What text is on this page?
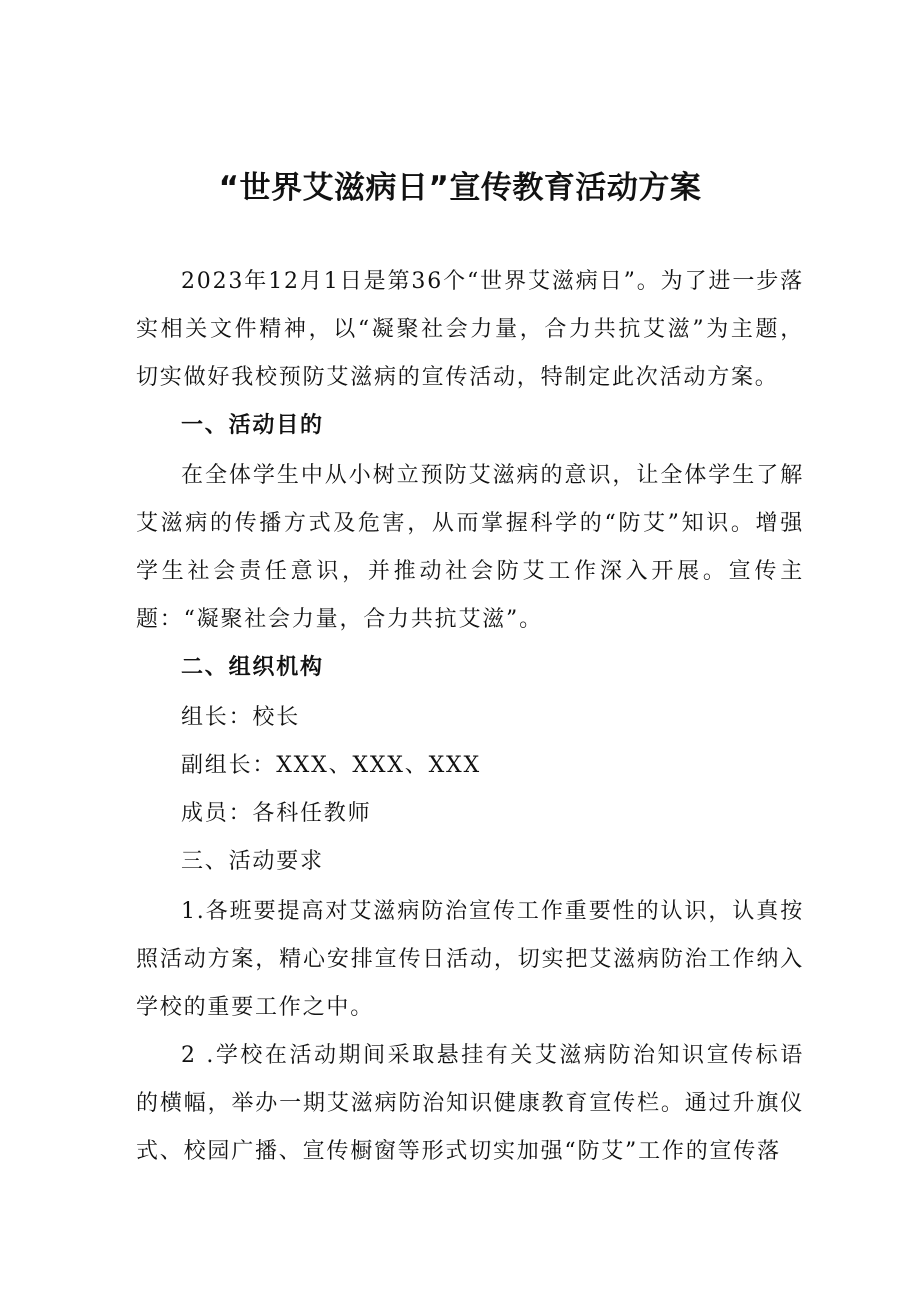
“世界艾滋病日”宣传教育活动方案

2023年12月1日是第36个“世界艾滋病日”。为了进一步落实相关文件精神，以“凝聚社会力量，合力共抗艾滋”为主题，切实做好我校预防艾滋病的宣传活动，特制定此次活动方案。

一、活动目的

在全体学生中从小树立预防艾滋病的意识，让全体学生了解艾滋病的传播方式及危害，从而掌握科学的“防艾”知识。增强学生社会责任意识，并推动社会防艾工作深入开展。宣传主题：“凝聚社会力量，合力共抗艾滋”。

二、组织机构

组长：校长

副组长：XXX、XXX、XXX

成员：各科任教师

三、活动要求

1.各班要提高对艾滋病防治宣传工作重要性的认识，认真按照活动方案，精心安排宣传日活动，切实把艾滋病防治工作纳入学校的重要工作之中。

2 .学校在活动期间采取悬挂有关艾滋病防治知识宣传标语的横幅，举办一期艾滋病防治知识健康教育宣传栏。通过升旗仪式、校园广播、宣传橱窗等形式切实加强“防艾”工作的宣传落
